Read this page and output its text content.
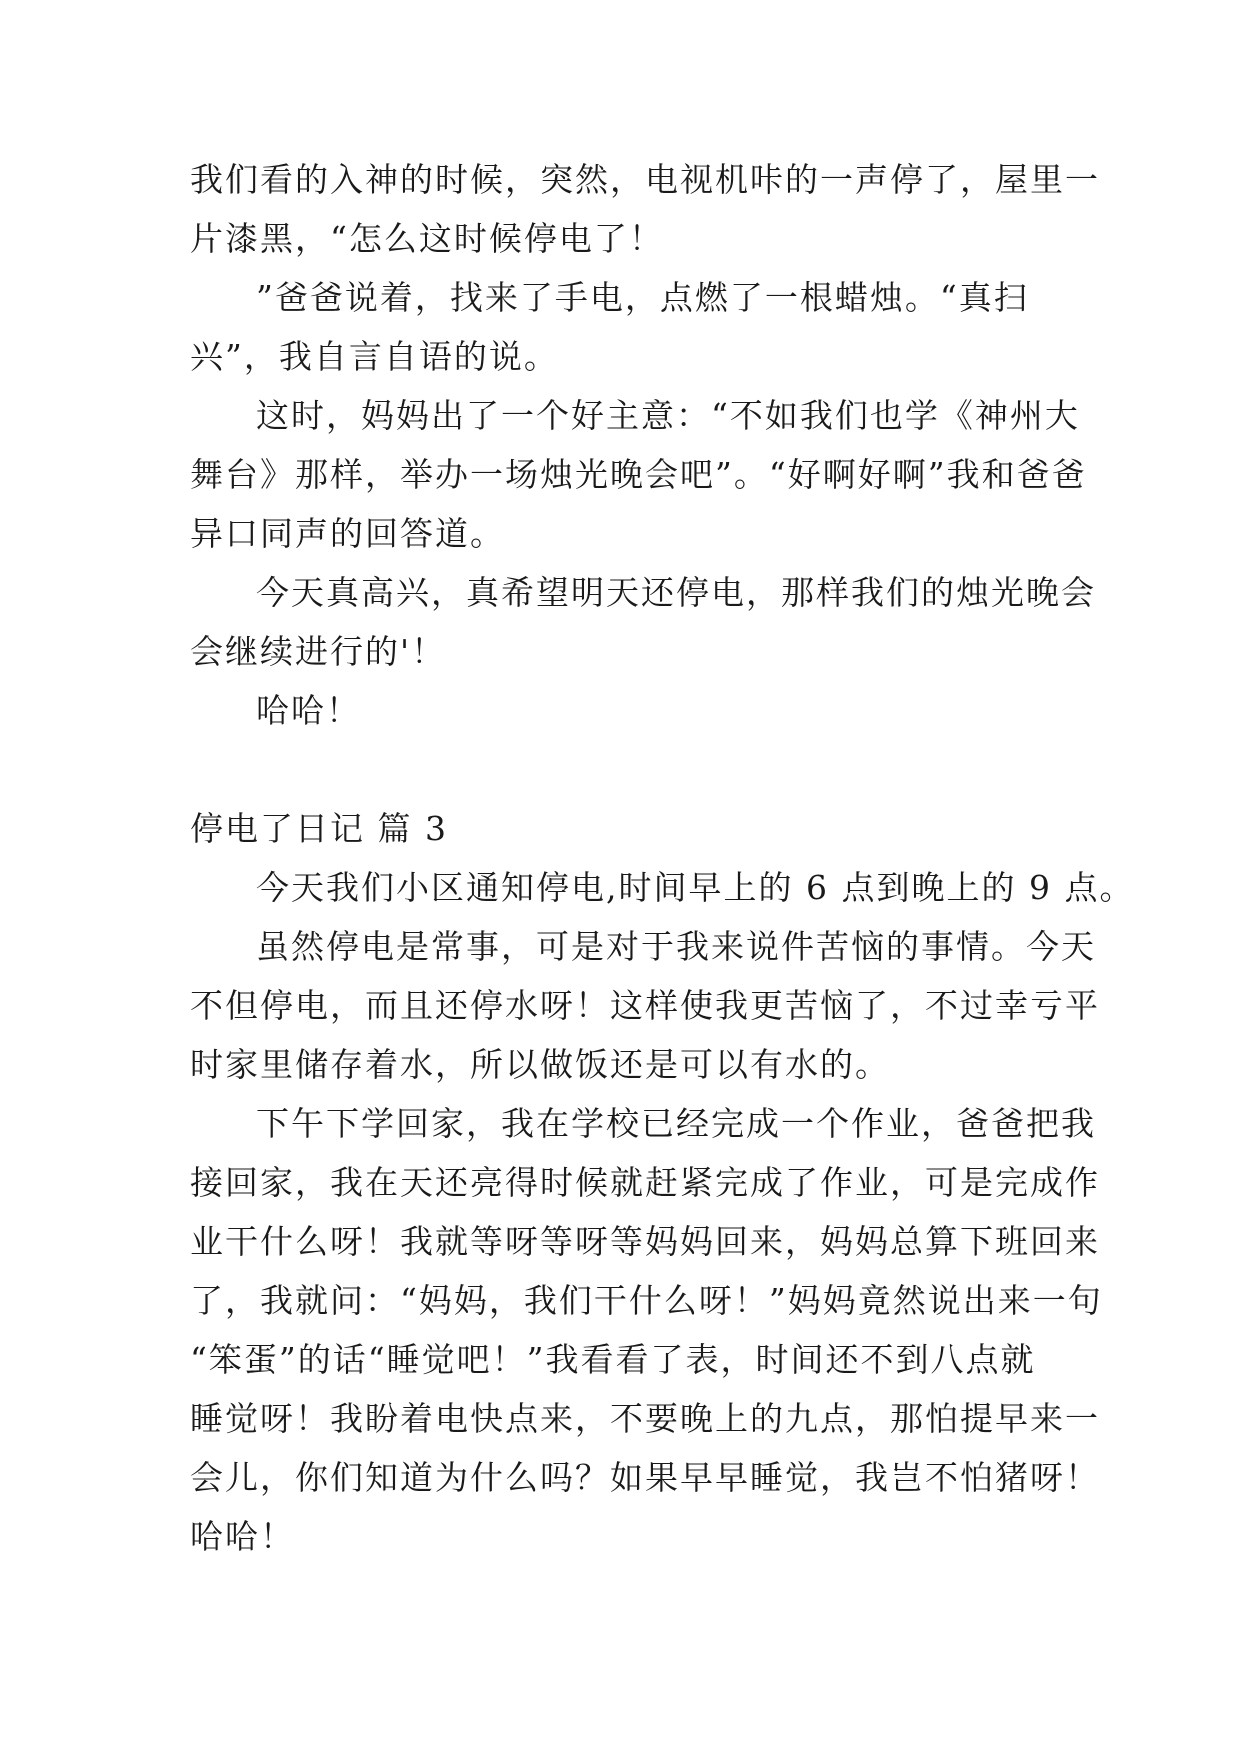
我们看的入神的时候，突然，电视机咔的一声停了，屋里一
片漆黑，“怎么这时候停电了！
”爸爸说着，找来了手电，点燃了一根蜡烛。“真扫
兴”，我自言自语的说。
这时，妈妈出了一个好主意：“不如我们也学《神州大
舞台》那样，举办一场烛光晚会吧”。“好啊好啊”我和爸爸
异口同声的回答道。
今天真高兴，真希望明天还停电，那样我们的烛光晚会
会继续进行的'！
哈哈！
停电了日记 篇 3
今天我们小区通知停电,时间早上的 6 点到晚上的 9 点。
虽然停电是常事，可是对于我来说件苦恼的事情。今天
不但停电，而且还停水呀！这样使我更苦恼了，不过幸亏平
时家里储存着水，所以做饭还是可以有水的。
下午下学回家，我在学校已经完成一个作业，爸爸把我
接回家，我在天还亮得时候就赶紧完成了作业，可是完成作
业干什么呀！我就等呀等呀等妈妈回来，妈妈总算下班回来
了，我就问：“妈妈，我们干什么呀！”妈妈竟然说出来一句
“笨蛋”的话“睡觉吧！”我看看了表，时间还不到八点就
睡觉呀！我盼着电快点来，不要晚上的九点，那怕提早来一
会儿，你们知道为什么吗？如果早早睡觉，我岂不怕猪呀！
哈哈！
